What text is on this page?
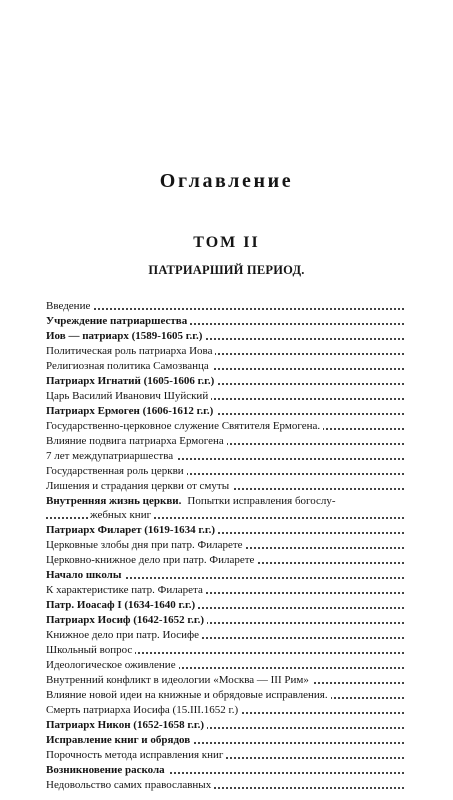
Оглавление
ТОМ II
ПАТРИАРШИЙ ПЕРИОД.
Введение
Учреждение патриаршества
Иов — патриарх (1589-1605 г.г.)
Политическая роль патриарха Иова
Религиозная политика Самозванца
Патриарх Игнатий (1605-1606 г.г.)
Царь Василий Иванович Шуйский
Патриарх Ермоген (1606-1612 г.г.)
Государственно-церковное служение Святителя Ермогена.
Влияние подвига патриарха Ермогена
7 лет междупатриаршества
Государственная роль церкви
Лишения и страдания церкви от смуты
Внутренняя жизнь церкви. Попытки исправления богослу-
жебных книг
Патриарх Филарет (1619-1634 г.г.)
Церковные злобы дня при патр. Филарете
Церковно-книжное дело при патр. Филарете
Начало школы
К характеристике патр. Филарета
Патр. Иоасаф I (1634-1640 г.г.)
Патриарх Иосиф (1642-1652 г.г.)
Книжное дело при патр. Иосифе
Школьный вопрос
Идеологическое оживление
Внутренний конфликт в идеологии «Москва — III Рим»
Влияние новой идеи на книжные и обрядовые исправления.
Смерть патриарха Иосифа (15.III.1652 г.)
Патриарх Никон (1652-1658 г.г.)
Исправление книг и обрядов
Порочность метода исправления книг
Возникновение раскола
Недовольство самих православных
